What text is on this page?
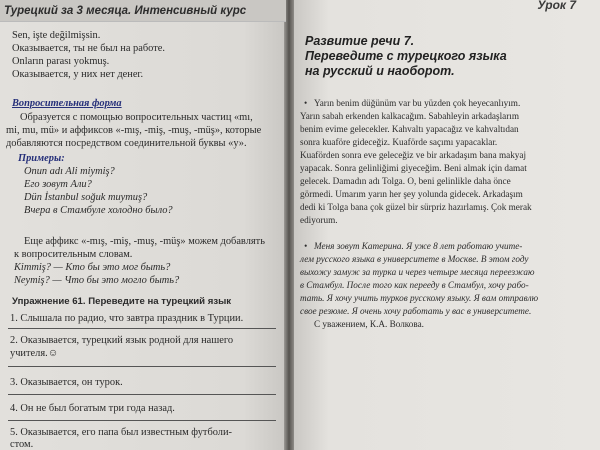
Турецкий за 3 месяца. Интенсивный курс	Урок 7
Sen, işte değilmişsin.
Оказывается, ты не был на работе.
Onların parası yokmuş.
Оказывается, у них нет денег.
Вопросительная форма
Образуется с помощью вопросительных частиц «mı,
mi, mu, mü» и аффиксов «-mış, -miş, -muş, -müş», которые
добавляются посредством соединительной буквы «у».
Примеры:
Onun adı Ali miymiş?
Его зовут Али?
Dün İstanbul soğuk muymuş?
Вчера в Стамбуле холодно было?
Еще аффикс «-mış, -miş, -muş, -müş» можем добавлять
к вопросительным словам.
Kimmiş? — Кто бы это мог быть?
Neymiş? — Что бы это могло быть?
Упражнение 61. Переведите на турецкий язык
1. Слышала по радио, что завтра праздник в Турции.
2. Оказывается, турецкий язык родной для нашего
учителя.☺
3. Оказывается, он турок.
4. Он не был богатым три года назад.
5. Оказывается, его папа был известным футболи-
стом.
Развитие речи 7.
Переведите с турецкого языка
на русский и наоборот.
• Yarın benim düğünüm var bu yüzden çok heyecanlıyım.
Yarın sabah erkenden kalkacağım. Sabahleyin arkadaşlarım
benim evime gelecekler. Kahvaltı yapacağız ve kahvaltıdan
sonra kuaföre gideceğiz. Kuaförde saçımı yapacaklar.
Kuaförden sonra eve geleceğiz ve bir arkadaşım bana makyaj
yapacak. Sonra gelinliğimi giyeceğim. Beni almak için damat
gelecek. Damadın adı Tolga. O, beni gelinlikle daha önce
görmedi. Umarım yarın her şey yolunda gidecek. Arkadaşım
dedi ki Tolga bana çok güzel bir sürpriz hazırlamış. Çok merak
ediyorum.
• Меня зовут Катерина. Я уже 8 лет работаю учите-
лем русского языка в университете в Москве. В этом году
выхожу замуж за турка и через четыре месяца переезжаю
в Стамбул. После того как перееду в Стамбул, хочу рабо-
тать. Я хочу учить турков русскому языку. Я вам отправлю
свое резюме. Я очень хочу работать у вас в университете.
С уважением, К.А. Волкова.
